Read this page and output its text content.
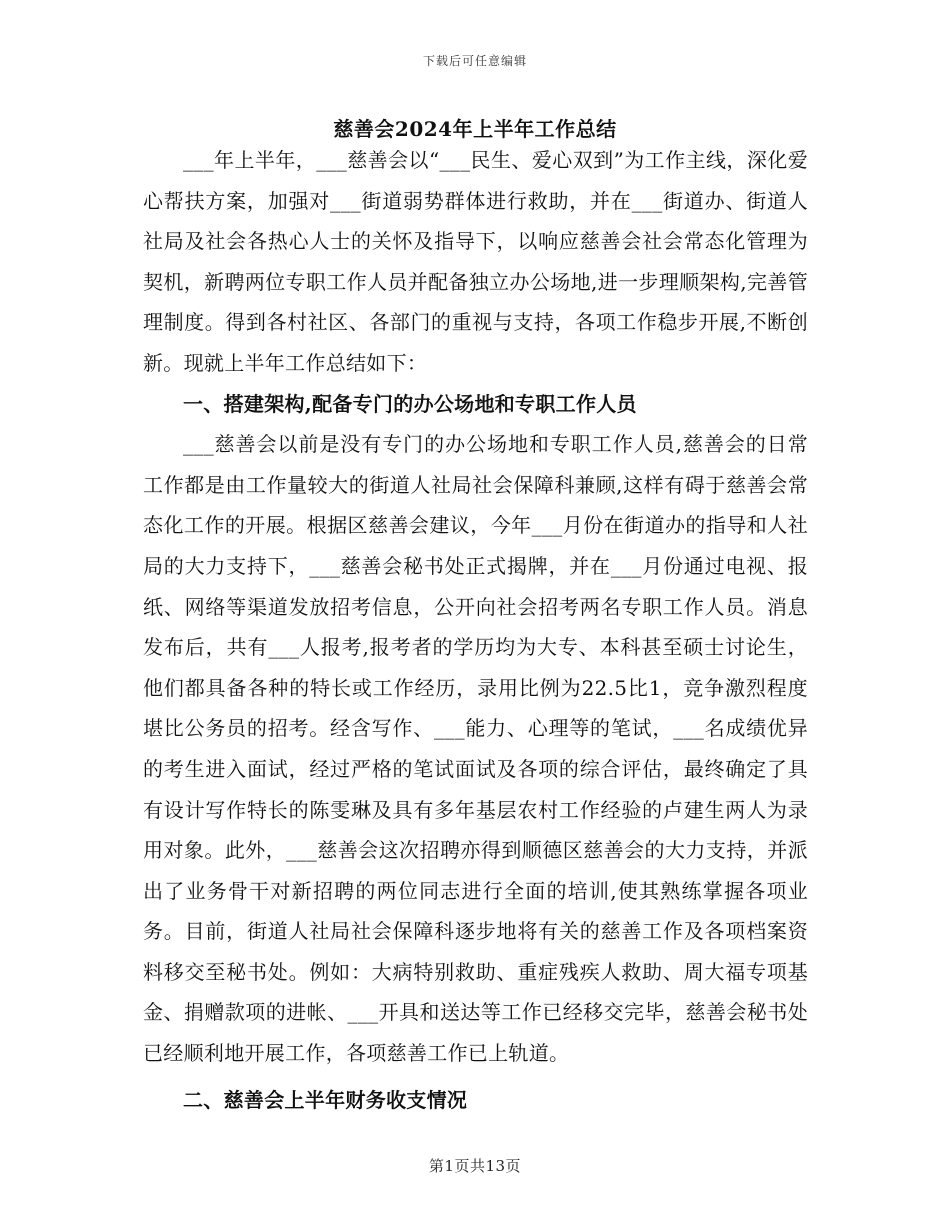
下载后可任意编辑
慈善会2024年上半年工作总结

___年上半年，___慈善会以“___民生、爱心双到”为工作主线，深化爱心帮扶方案，加强对___街道弱势群体进行救助，并在___街道办、街道人社局及社会各热心人士的关怀及指导下，以响应慈善会社会常态化管理为契机，新聘两位专职工作人员并配备独立办公场地,进一步理顺架构,完善管理制度。得到各村社区、各部门的重视与支持，各项工作稳步开展,不断创新。现就上半年工作总结如下：

一、搭建架构,配备专门的办公场地和专职工作人员

___慈善会以前是没有专门的办公场地和专职工作人员,慈善会的日常工作都是由工作量较大的街道人社局社会保障科兼顾,这样有碍于慈善会常态化工作的开展。根据区慈善会建议，今年___月份在街道办的指导和人社局的大力支持下，___慈善会秘书处正式揭牌，并在___月份通过电视、报纸、网络等渠道发放招考信息，公开向社会招考两名专职工作人员。消息发布后，共有___人报考,报考者的学历均为大专、本科甚至硕士讨论生，他们都具备各种的特长或工作经历，录用比例为22.5比1，竞争激烈程度堪比公务员的招考。经含写作、___能力、心理等的笔试，___名成绩优异的考生进入面试，经过严格的笔试面试及各项的综合评估，最终确定了具有设计写作特长的陈雯琳及具有多年基层农村工作经验的卢建生两人为录用对象。此外，___慈善会这次招聘亦得到顺德区慈善会的大力支持，并派出了业务骨干对新招聘的两位同志进行全面的培训,使其熟练掌握各项业务。目前，街道人社局社会保障科逐步地将有关的慈善工作及各项档案资料移交至秘书处。例如：大病特别救助、重症残疾人救助、周大福专项基金、捐赠款项的进帐、___开具和送达等工作已经移交完毕，慈善会秘书处已经顺利地开展工作，各项慈善工作已上轨道。

二、慈善会上半年财务收支情况

第1页共13页
